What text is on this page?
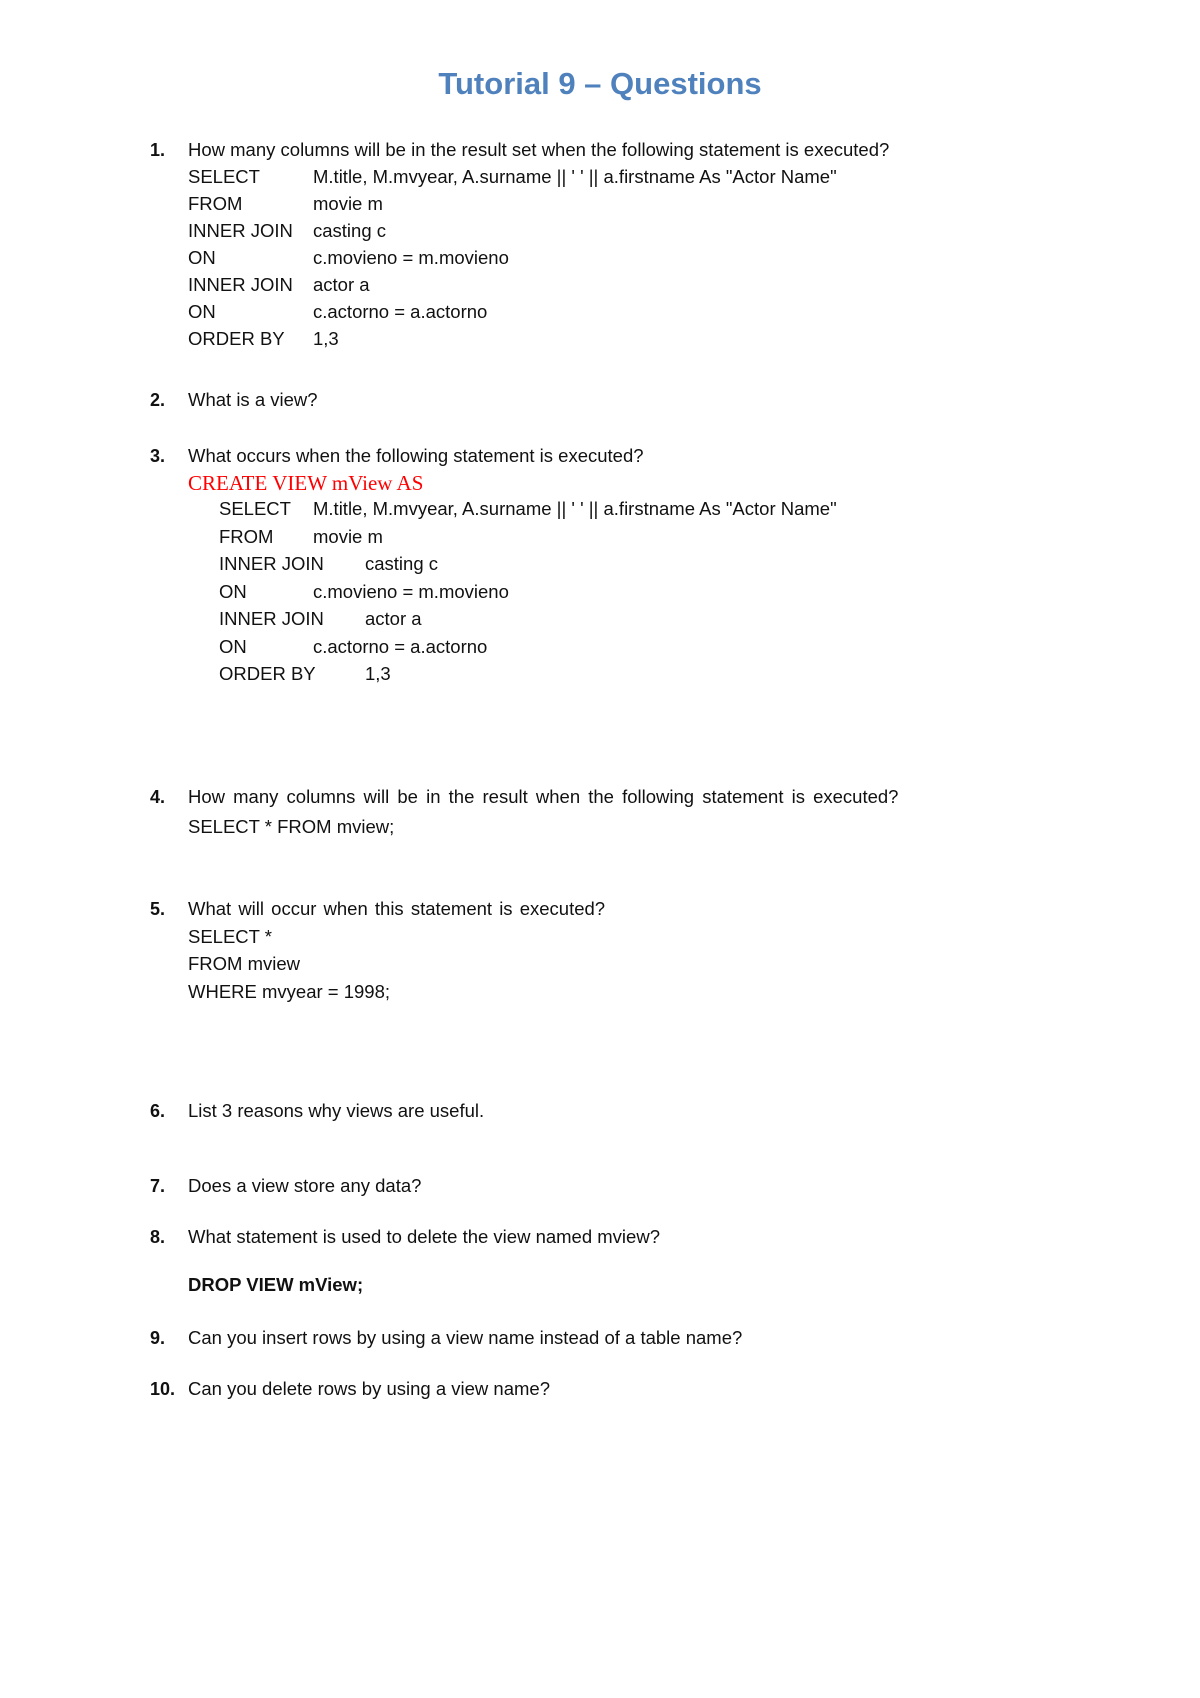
Tutorial 9 – Questions
1. How many columns will be in the result set when the following statement is executed?
SELECT	M.title, M.mvyear, A.surname || ' ' || a.firstname As "Actor Name"
FROM	movie m
INNER JOIN casting c
ON	c.movieno = m.movieno
INNER JOIN actor a
ON	c.actorno = a.actorno
ORDER BY 1,3
2. What is a view?
3. What occurs when the following statement is executed?
CREATE VIEW mView AS
SELECT M.title, M.mvyear, A.surname || ' ' || a.firstname As "Actor Name"
FROM movie m
INNER JOIN casting c
ON	c.movieno = m.movieno
INNER JOIN actor a
ON	c.actorno = a.actorno
ORDER BY	1,3
4. How many columns will be in the result when the following statement is executed?
SELECT * FROM mview;
5. What will occur when this statement is executed?
SELECT *
FROM mview
WHERE mvyear = 1998;
6. List 3 reasons why views are useful.
7. Does a view store any data?
8. What statement is used to delete the view named mview?
DROP VIEW mView;
9. Can you insert rows by using a view name instead of a table name?
10. Can you delete rows by using a view name?
